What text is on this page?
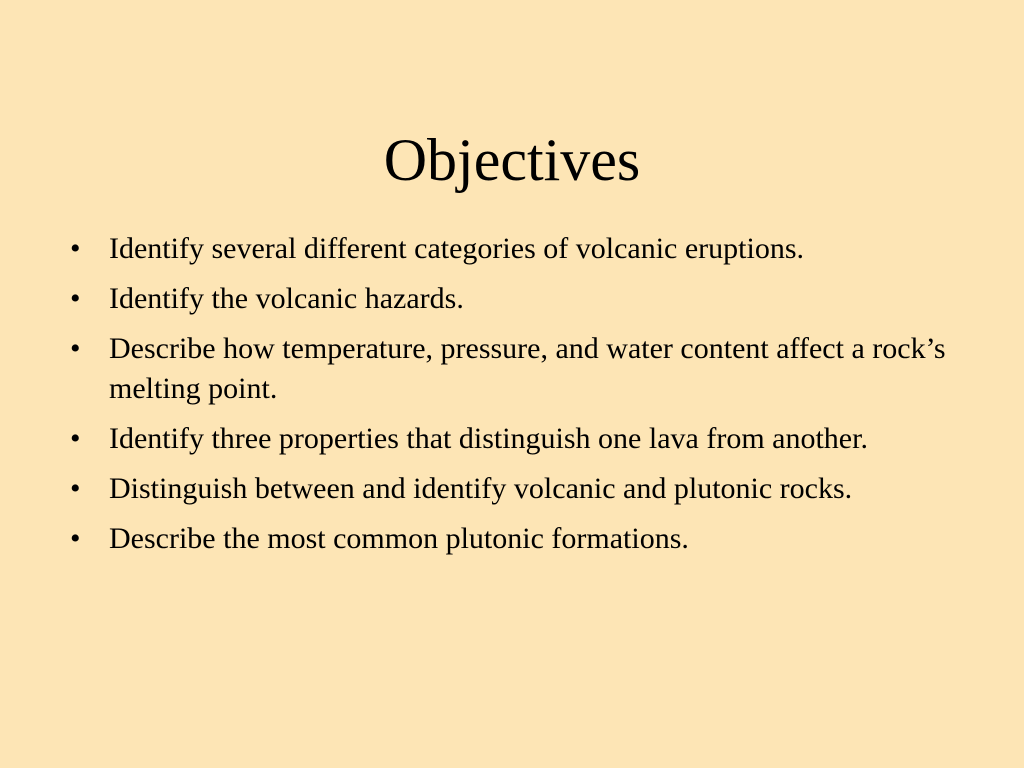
Objectives
• Identify several different categories of volcanic eruptions.
• Identify the volcanic hazards.
• Describe how temperature, pressure, and water content affect a rock’s melting point.
• Identify three properties that distinguish one lava from another.
• Distinguish between and identify volcanic and plutonic rocks.
• Describe the most common plutonic formations.
